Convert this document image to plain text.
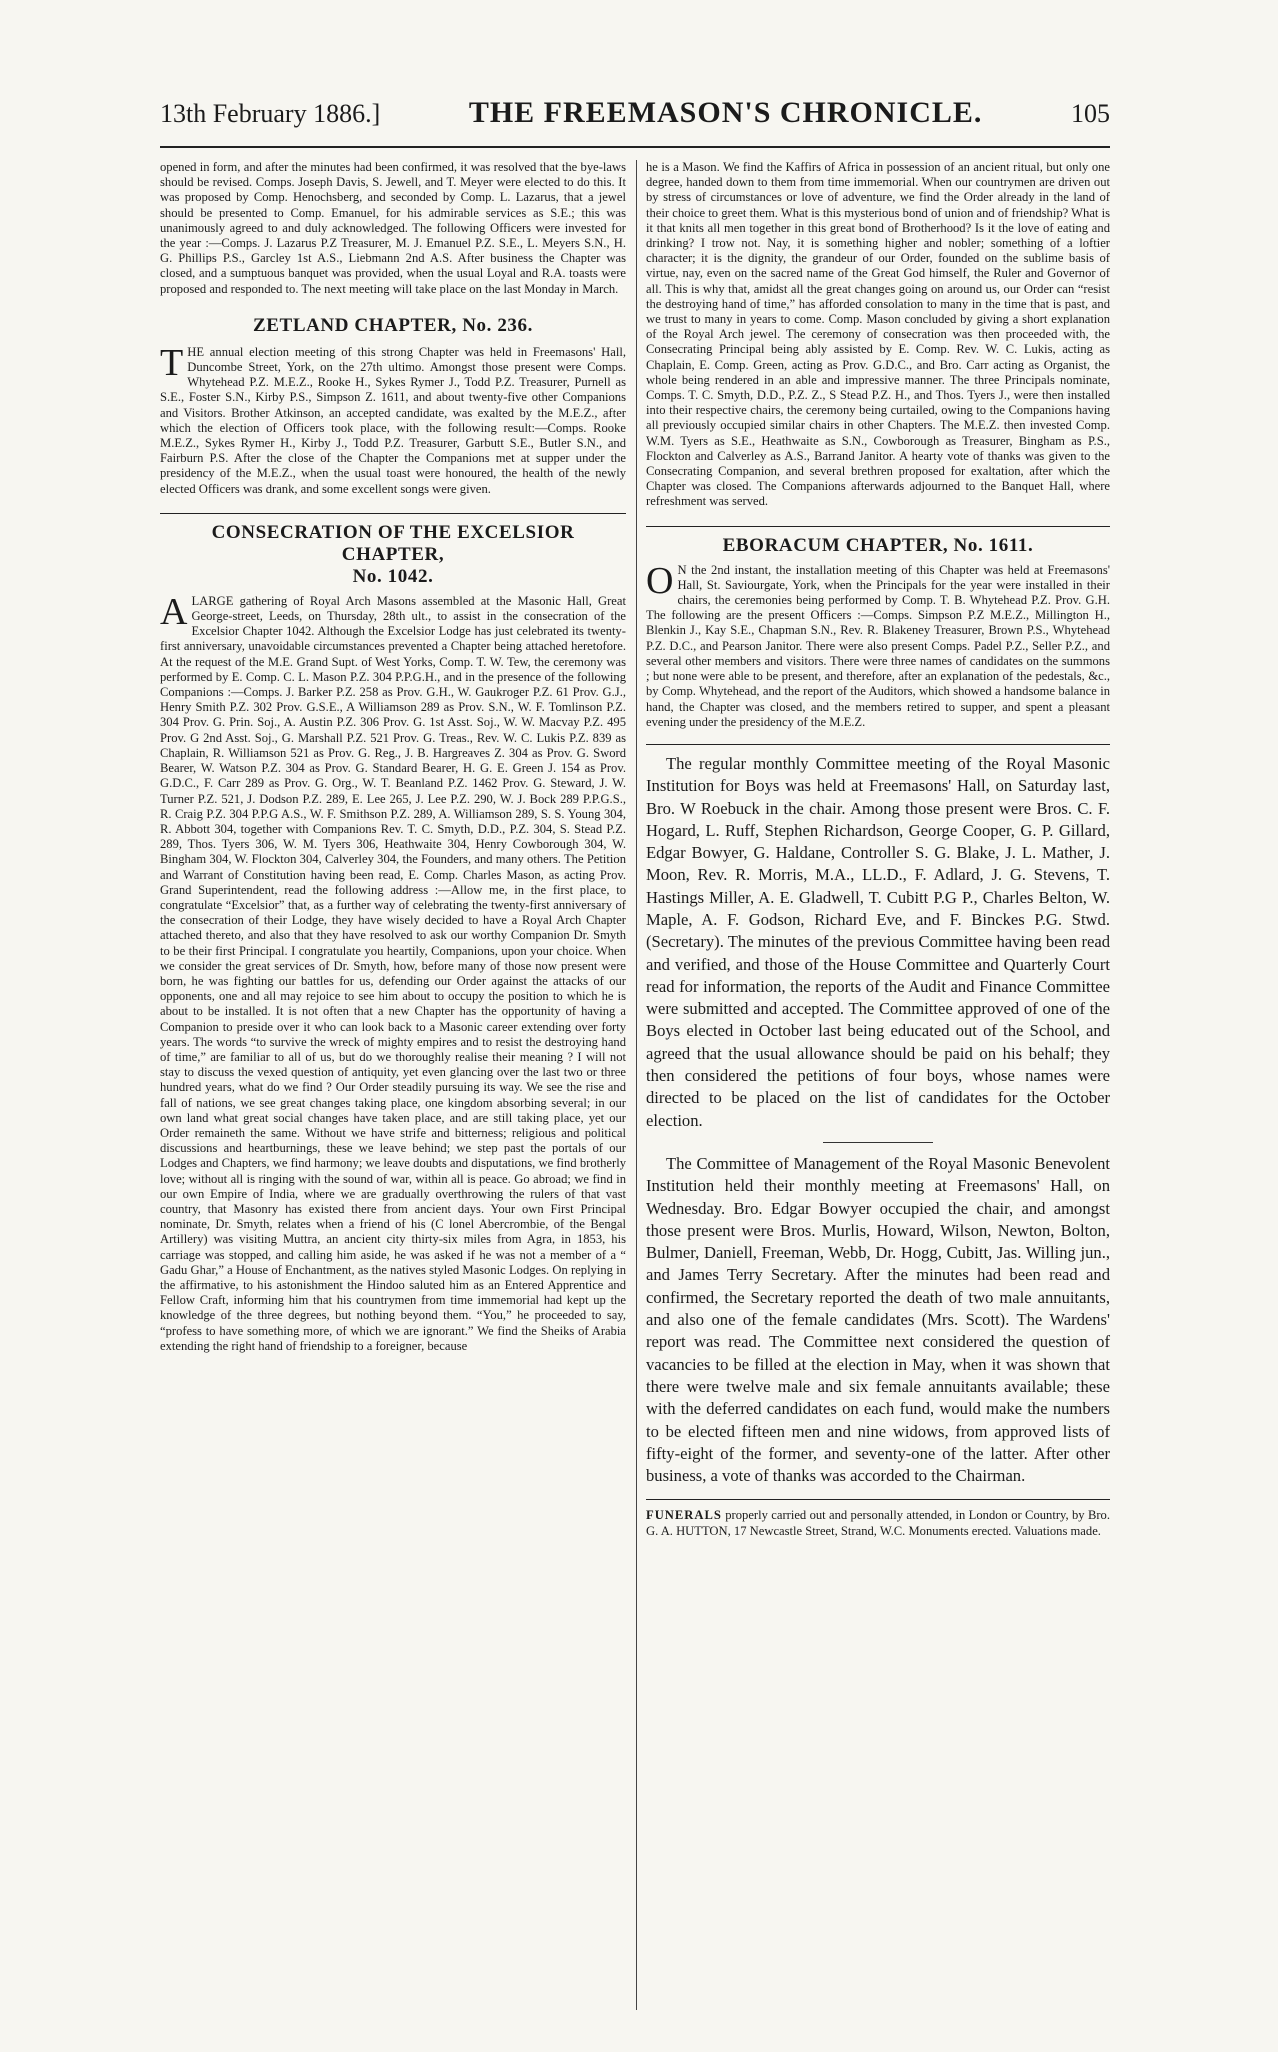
13th February 1886.]	THE FREEMASON'S CHRONICLE.	105

opened in form, and after the minutes had been confirmed, it was resolved that the bye-laws should be revised. Comps. Joseph Davis, S. Jewell, and T. Meyer were elected to do this. It was proposed by Comp. Henochsberg, and seconded by Comp. L. Lazarus, that a jewel should be presented to Comp. Emanuel, for his admirable services as S.E.; this was unanimously agreed to and duly acknowledged. The following Officers were invested for the year :—Comps. J. Lazarus P.Z Treasurer, M. J. Emanuel P.Z. S.E., L. Meyers S.N., H. G. Phillips P.S., Garcley 1st A.S., Liebmann 2nd A.S. After business the Chapter was closed, and a sumptuous banquet was provided, when the usual Loyal and R.A. toasts were proposed and responded to. The next meeting will take place on the last Monday in March.

ZETLAND CHAPTER, No. 236.

THE annual election meeting of this strong Chapter was held in Freemasons' Hall, Duncombe Street, York, on the 27th ultimo. Amongst those present were Comps. Whytehead P.Z. M.E.Z., Rooke H., Sykes Rymer J., Todd P.Z. Treasurer, Purnell as S.E., Foster S.N., Kirby P.S., Simpson Z. 1611, and about twenty-five other Companions and Visitors. Brother Atkinson, an accepted candidate, was exalted by the M.E.Z., after which the election of Officers took place, with the following result:—Comps. Rooke M.E.Z., Sykes Rymer H., Kirby J., Todd P.Z. Treasurer, Garbutt S.E., Butler S.N., and Fairburn P.S. After the close of the Chapter the Companions met at supper under the presidency of the M.E.Z., when the usual toast were honoured, the health of the newly elected Officers was drank, and some excellent songs were given.

CONSECRATION OF THE EXCELSIOR CHAPTER,
No. 1042.

ALARGE gathering of Royal Arch Masons assembled at the Masonic Hall, Great George-street, Leeds, on Thursday, 28th ult., to assist in the consecration of the Excelsior Chapter 1042. Although the Excelsior Lodge has just celebrated its twenty-first anniversary, unavoidable circumstances prevented a Chapter being attached heretofore. At the request of the M.E. Grand Supt. of West Yorks, Comp. T. W. Tew, the ceremony was performed by E. Comp. C. L. Mason P.Z. 304 P.P.G.H., and in the presence of the following Companions :—Comps. J. Barker P.Z. 258 as Prov. G.H., W. Gaukroger P.Z. 61 Prov. G.J., Henry Smith P.Z. 302 Prov. G.S.E., A Williamson 289 as Prov. S.N., W. F. Tomlinson P.Z. 304 Prov. G. Prin. Soj., A. Austin P.Z. 306 Prov. G. 1st Asst. Soj., W. W. Macvay P.Z. 495 Prov. G 2nd Asst. Soj., G. Marshall P.Z. 521 Prov. G. Treas., Rev. W. C. Lukis P.Z. 839 as Chaplain, R. Williamson 521 as Prov. G. Reg., J. B. Hargreaves Z. 304 as Prov. G. Sword Bearer, W. Watson P.Z. 304 as Prov. G. Standard Bearer, H. G. E. Green J. 154 as Prov. G.D.C., F. Carr 289 as Prov. G. Org., W. T. Beanland P.Z. 1462 Prov. G. Steward, J. W. Turner P.Z. 521, J. Dodson P.Z. 289, E. Lee 265, J. Lee P.Z. 290, W. J. Bock 289 P.P.G.S., R. Craig P.Z. 304 P.P.G A.S., W. F. Smithson P.Z. 289, A. Williamson 289, S. S. Young 304, R. Abbott 304, together with Companions Rev. T. C. Smyth, D.D., P.Z. 304, S. Stead P.Z. 289, Thos. Tyers 306, W. M. Tyers 306, Heathwaite 304, Henry Cowborough 304, W. Bingham 304, W. Flockton 304, Calverley 304, the Founders, and many others. The Petition and Warrant of Constitution having been read, E. Comp. Charles Mason, as acting Prov. Grand Superintendent, read the following address :—Allow me, in the first place, to congratulate “Excelsior” that, as a further way of celebrating the twenty-first anniversary of the consecration of their Lodge, they have wisely decided to have a Royal Arch Chapter attached thereto, and also that they have resolved to ask our worthy Companion Dr. Smyth to be their first Principal. I congratulate you heartily, Companions, upon your choice. When we consider the great services of Dr. Smyth, how, before many of those now present were born, he was fighting our battles for us, defending our Order against the attacks of our opponents, one and all may rejoice to see him about to occupy the position to which he is about to be installed. It is not often that a new Chapter has the opportunity of having a Companion to preside over it who can look back to a Masonic career extending over forty years. The words “to survive the wreck of mighty empires and to resist the destroying hand of time,” are familiar to all of us, but do we thoroughly realise their meaning ? I will not stay to discuss the vexed question of antiquity, yet even glancing over the last two or three hundred years, what do we find ? Our Order steadily pursuing its way. We see the rise and fall of nations, we see great changes taking place, one kingdom absorbing several; in our own land what great social changes have taken place, and are still taking place, yet our Order remaineth the same. Without we have strife and bitterness; religious and political discussions and heartburnings, these we leave behind; we step past the portals of our Lodges and Chapters, we find harmony; we leave doubts and disputations, we find brotherly love; without all is ringing with the sound of war, within all is peace. Go abroad; we find in our own Empire of India, where we are gradually overthrowing the rulers of that vast country, that Masonry has existed there from ancient days. Your own First Principal nominate, Dr. Smyth, relates when a friend of his (C lonel Abercrombie, of the Bengal Artillery) was visiting Muttra, an ancient city thirty-six miles from Agra, in 1853, his carriage was stopped, and calling him aside, he was asked if he was not a member of a “ Gadu Ghar,” a House of Enchantment, as the natives styled Masonic Lodges. On replying in the affirmative, to his astonishment the Hindoo saluted him as an Entered Apprentice and Fellow Craft, informing him that his countrymen from time immemorial had kept up the knowledge of the three degrees, but nothing beyond them. “You,” he proceeded to say, “profess to have something more, of which we are ignorant.” We find the Sheiks of Arabia extending the right hand of friendship to a foreigner, because

he is a Mason. We find the Kaffirs of Africa in possession of an ancient ritual, but only one degree, handed down to them from time immemorial. When our countrymen are driven out by stress of circumstances or love of adventure, we find the Order already in the land of their choice to greet them. What is this mysterious bond of union and of friendship? What is it that knits all men together in this great bond of Brotherhood? Is it the love of eating and drinking? I trow not. Nay, it is something higher and nobler; something of a loftier character; it is the dignity, the grandeur of our Order, founded on the sublime basis of virtue, nay, even on the sacred name of the Great God himself, the Ruler and Governor of all. This is why that, amidst all the great changes going on around us, our Order can “resist the destroying hand of time,” has afforded consolation to many in the time that is past, and we trust to many in years to come. Comp. Mason concluded by giving a short explanation of the Royal Arch jewel. The ceremony of consecration was then proceeded with, the Consecrating Principal being ably assisted by E. Comp. Rev. W. C. Lukis, acting as Chaplain, E. Comp. Green, acting as Prov. G.D.C., and Bro. Carr acting as Organist, the whole being rendered in an able and impressive manner. The three Principals nominate, Comps. T. C. Smyth, D.D., P.Z. Z., S Stead P.Z. H., and Thos. Tyers J., were then installed into their respective chairs, the ceremony being curtailed, owing to the Companions having all previously occupied similar chairs in other Chapters. The M.E.Z. then invested Comp. W.M. Tyers as S.E., Heathwaite as S.N., Cowborough as Treasurer, Bingham as P.S., Flockton and Calverley as A.S., Barrand Janitor. A hearty vote of thanks was given to the Consecrating Companion, and several brethren proposed for exaltation, after which the Chapter was closed. The Companions afterwards adjourned to the Banquet Hall, where refreshment was served.

EBORACUM CHAPTER, No. 1611.

O N the 2nd instant, the installation meeting of this Chapter was held at Freemasons' Hall, St. Saviourgate, York, when the Principals for the year were installed in their chairs, the ceremonies being performed by Comp. T. B. Whytehead P.Z. Prov. G.H. The following are the present Officers :—Comps. Simpson P.Z M.E.Z., Millington H., Blenkin J., Kay S.E., Chapman S.N., Rev. R. Blakeney Treasurer, Brown P.S., Whytehead P.Z. D.C., and Pearson Janitor. There were also present Comps. Padel P.Z., Seller P.Z., and several other members and visitors. There were three names of candidates on the summons ; but none were able to be present, and therefore, after an explanation of the pedestals, &c., by Comp. Whytehead, and the report of the Auditors, which showed a handsome balance in hand, the Chapter was closed, and the members retired to supper, and spent a pleasant evening under the presidency of the M.E.Z.

The regular monthly Committee meeting of the Royal Masonic Institution for Boys was held at Freemasons' Hall, on Saturday last, Bro. W Roebuck in the chair. Among those present were Bros. C. F. Hogard, L. Ruff, Stephen Richardson, George Cooper, G. P. Gillard, Edgar Bowyer, G. Haldane, Controller S. G. Blake, J. L. Mather, J. Moon, Rev. R. Morris, M.A., LL.D., F. Adlard, J. G. Stevens, T. Hastings Miller, A. E. Gladwell, T. Cubitt P.G P., Charles Belton, W. Maple, A. F. Godson, Richard Eve, and F. Binckes P.G. Stwd. (Secretary). The minutes of the previous Committee having been read and verified, and those of the House Committee and Quarterly Court read for information, the reports of the Audit and Finance Committee were submitted and accepted. The Committee approved of one of the Boys elected in October last being educated out of the School, and agreed that the usual allowance should be paid on his behalf; they then considered the petitions of four boys, whose names were directed to be placed on the list of candidates for the October election.

The Committee of Management of the Royal Masonic Benevolent Institution held their monthly meeting at Freemasons' Hall, on Wednesday. Bro. Edgar Bowyer occupied the chair, and amongst those present were Bros. Murlis, Howard, Wilson, Newton, Bolton, Bulmer, Daniell, Freeman, Webb, Dr. Hogg, Cubitt, Jas. Willing jun., and James Terry Secretary. After the minutes had been read and confirmed, the Secretary reported the death of two male annuitants, and also one of the female candidates (Mrs. Scott). The Wardens' report was read. The Committee next considered the question of vacancies to be filled at the election in May, when it was shown that there were twelve male and six female annuitants available; these with the deferred candidates on each fund, would make the numbers to be elected fifteen men and nine widows, from approved lists of fifty-eight of the former, and seventy-one of the latter. After other business, a vote of thanks was accorded to the Chairman.

FUNERALS properly carried out and personally attended, in London or Country, by Bro. G. A. HUTTON, 17 Newcastle Street, Strand, W.C. Monuments erected. Valuations made.
